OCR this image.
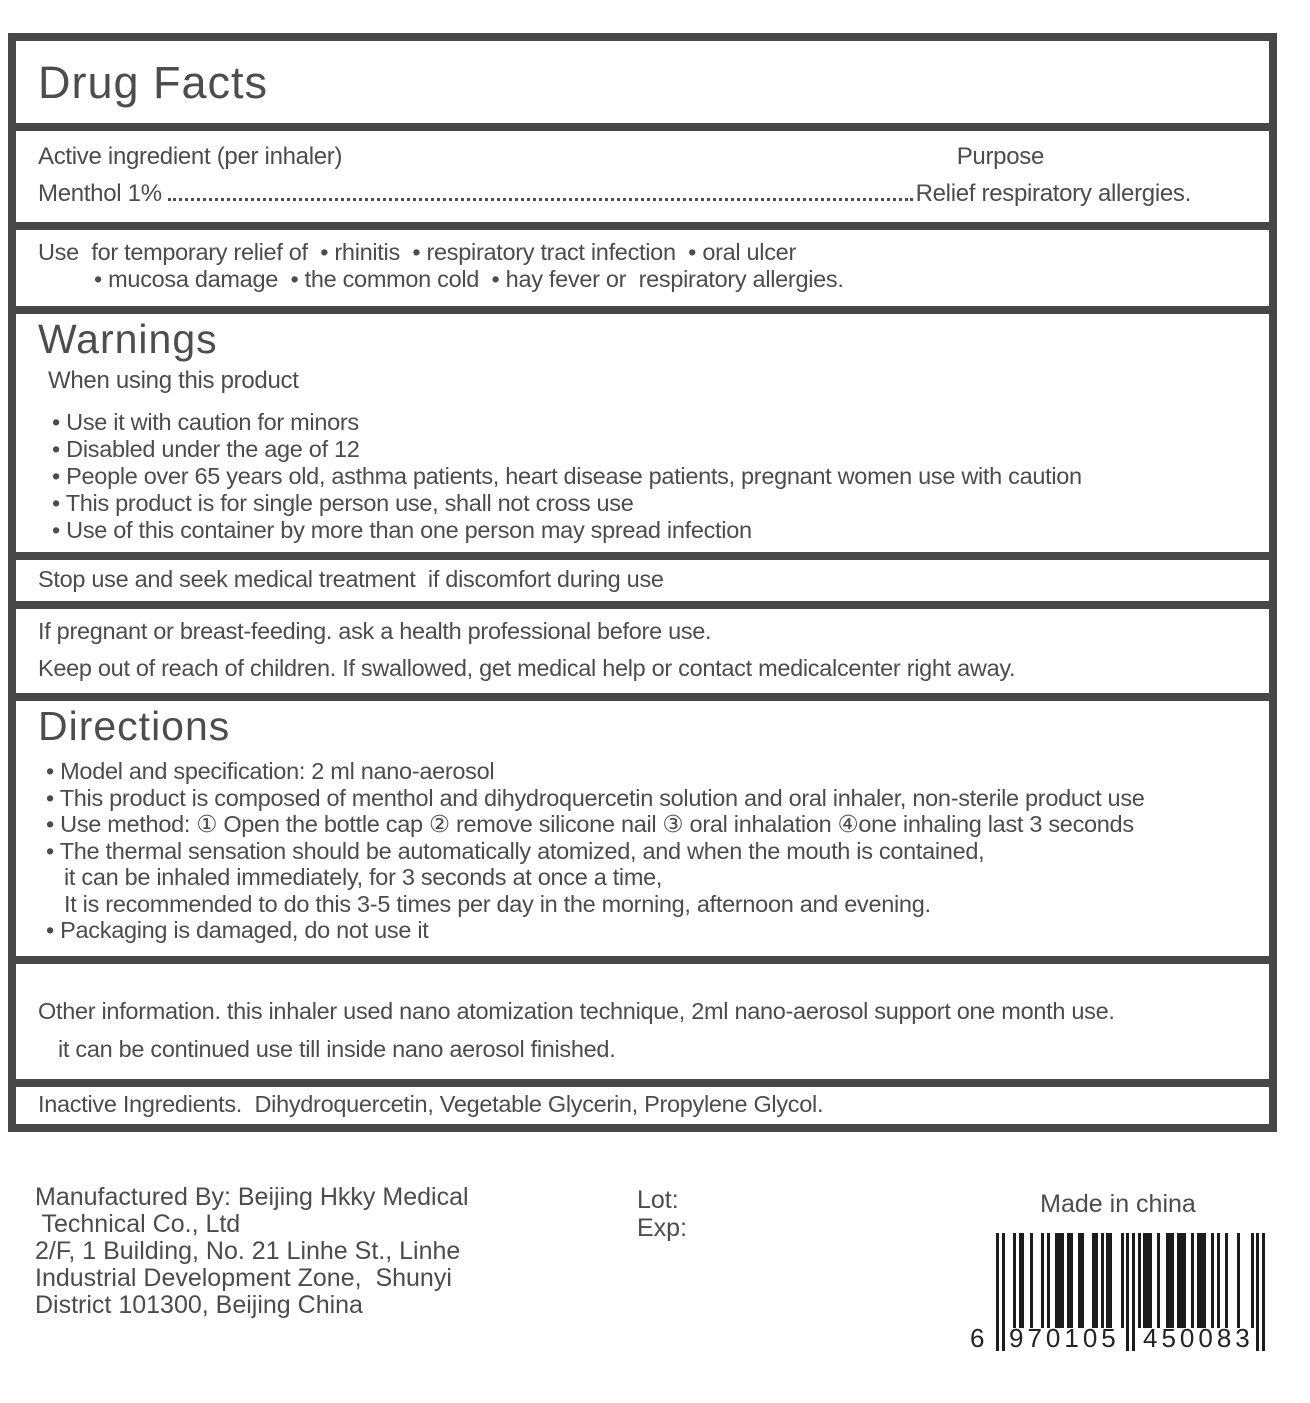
Drug Facts
Active ingredient (per inhaler)	Purpose
Menthol 1%	Relief respiratory allergies.
Use  for temporary relief of  • rhinitis  • respiratory tract infection  • oral ulcer
• mucosa damage  • the common cold  • hay fever or  respiratory allergies.
Warnings
When using this product
• Use it with caution for minors
• Disabled under the age of 12
• People over 65 years old, asthma patients, heart disease patients, pregnant women use with caution
• This product is for single person use, shall not cross use
• Use of this container by more than one person may spread infection
Stop use and seek medical treatment  if discomfort during use
If pregnant or breast-feeding. ask a health professional before use.
Keep out of reach of children. If swallowed, get medical help or contact medicalcenter right away.
Directions
• Model and specification: 2 ml nano-aerosol
• This product is composed of menthol and dihydroquercetin solution and oral inhaler, non-sterile product use
• Use method: ① Open the bottle cap ② remove silicone nail ③ oral inhalation ④one inhaling last 3 seconds
• The thermal sensation should be automatically atomized, and when the mouth is contained,
it can be inhaled immediately, for 3 seconds at once a time,
It is recommended to do this 3-5 times per day in the morning, afternoon and evening.
• Packaging is damaged, do not use it
Other information. this inhaler used nano atomization technique, 2ml nano-aerosol support one month use.
it can be continued use till inside nano aerosol finished.
Inactive Ingredients.  Dihydroquercetin, Vegetable Glycerin, Propylene Glycol.
Manufactured By: Beijing Hkky Medical
Technical Co., Ltd
2/F, 1 Building, No. 21 Linhe St., Linhe
Industrial Development Zone,  Shunyi
District 101300, Beijing China
Lot:
Exp:
Made in china
6 970105 450083
